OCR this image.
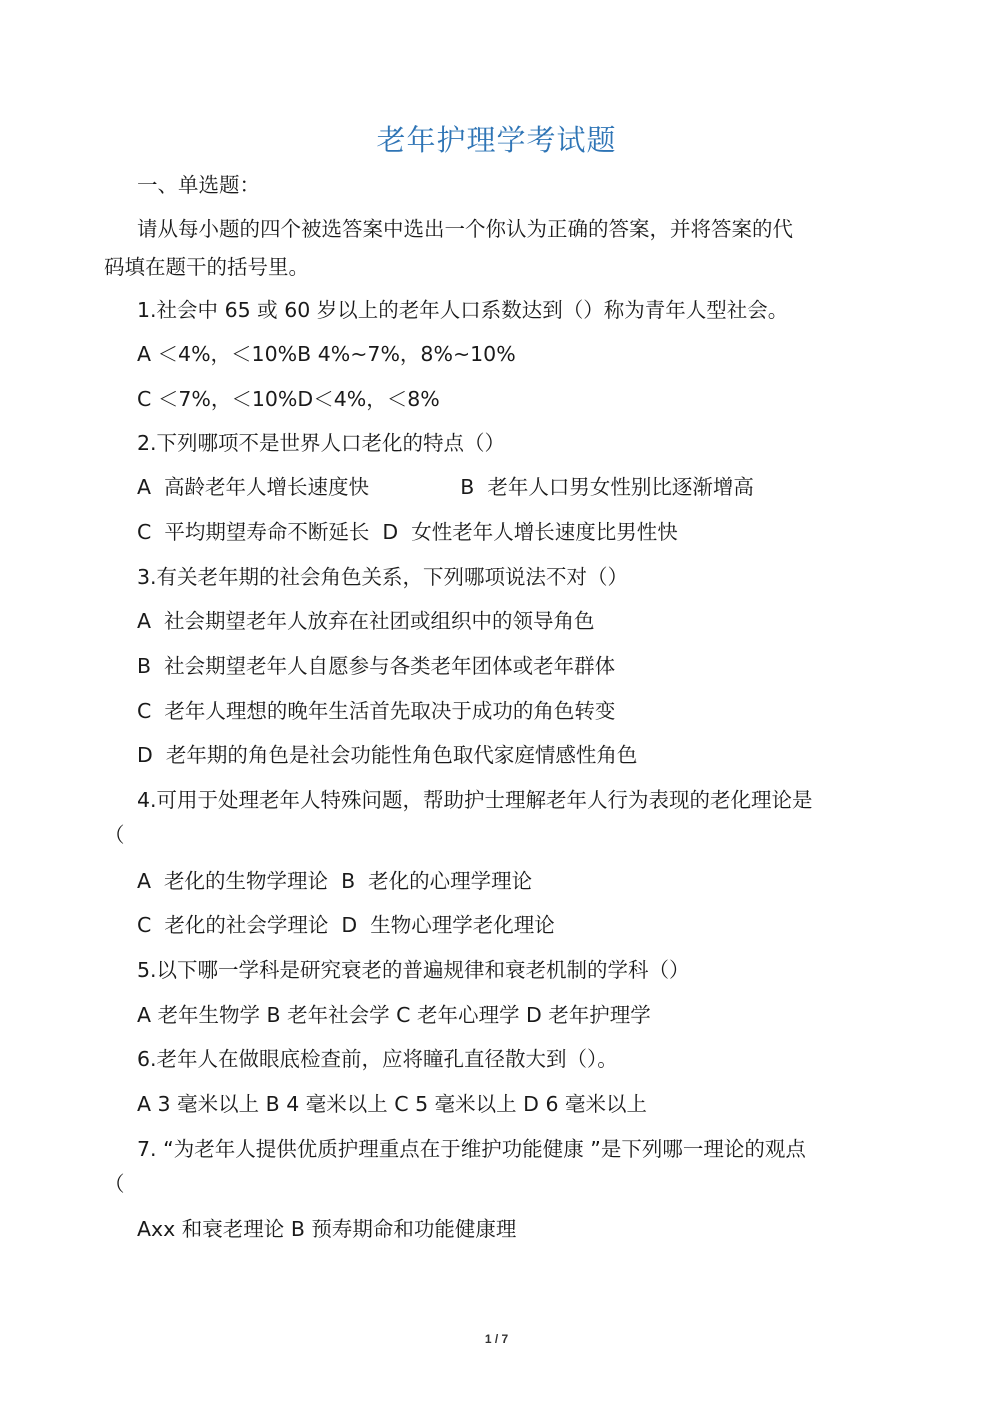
老年护理学考试题
一、单选题：
请从每小题的四个被选答案中选出一个你认为正确的答案，并将答案的代
码填在题干的括号里。
1.社会中 65 或 60 岁以上的老年人口系数达到（）称为青年人型社会。
A ＜4%，＜10%B 4%~7%，8%~10%
C ＜7%，＜10%D＜4%，＜8%
2.下列哪项不是世界人口老化的特点（）
A  高龄老年人增长速度快              B  老年人口男女性别比逐渐增高
C  平均期望寿命不断延长  D  女性老年人增长速度比男性快
3.有关老年期的社会角色关系，下列哪项说法不对（）
A  社会期望老年人放弃在社团或组织中的领导角色
B  社会期望老年人自愿参与各类老年团体或老年群体
C  老年人理想的晚年生活首先取决于成功的角色转变
D  老年期的角色是社会功能性角色取代家庭情感性角色
4.可用于处理老年人特殊问题，帮助护士理解老年人行为表现的老化理论是
（
A  老化的生物学理论  B  老化的心理学理论
C  老化的社会学理论  D  生物心理学老化理论
5.以下哪一学科是研究衰老的普遍规律和衰老机制的学科（）
A 老年生物学 B 老年社会学 C 老年心理学 D 老年护理学
6.老年人在做眼底检查前，应将瞳孔直径散大到（）。
A 3 毫米以上 B 4 毫米以上 C 5 毫米以上 D 6 毫米以上
7. “为老年人提供优质护理重点在于维护功能健康 ”是下列哪一理论的观点
（
Axx 和衰老理论 B 预寿期命和功能健康理
1 / 7
